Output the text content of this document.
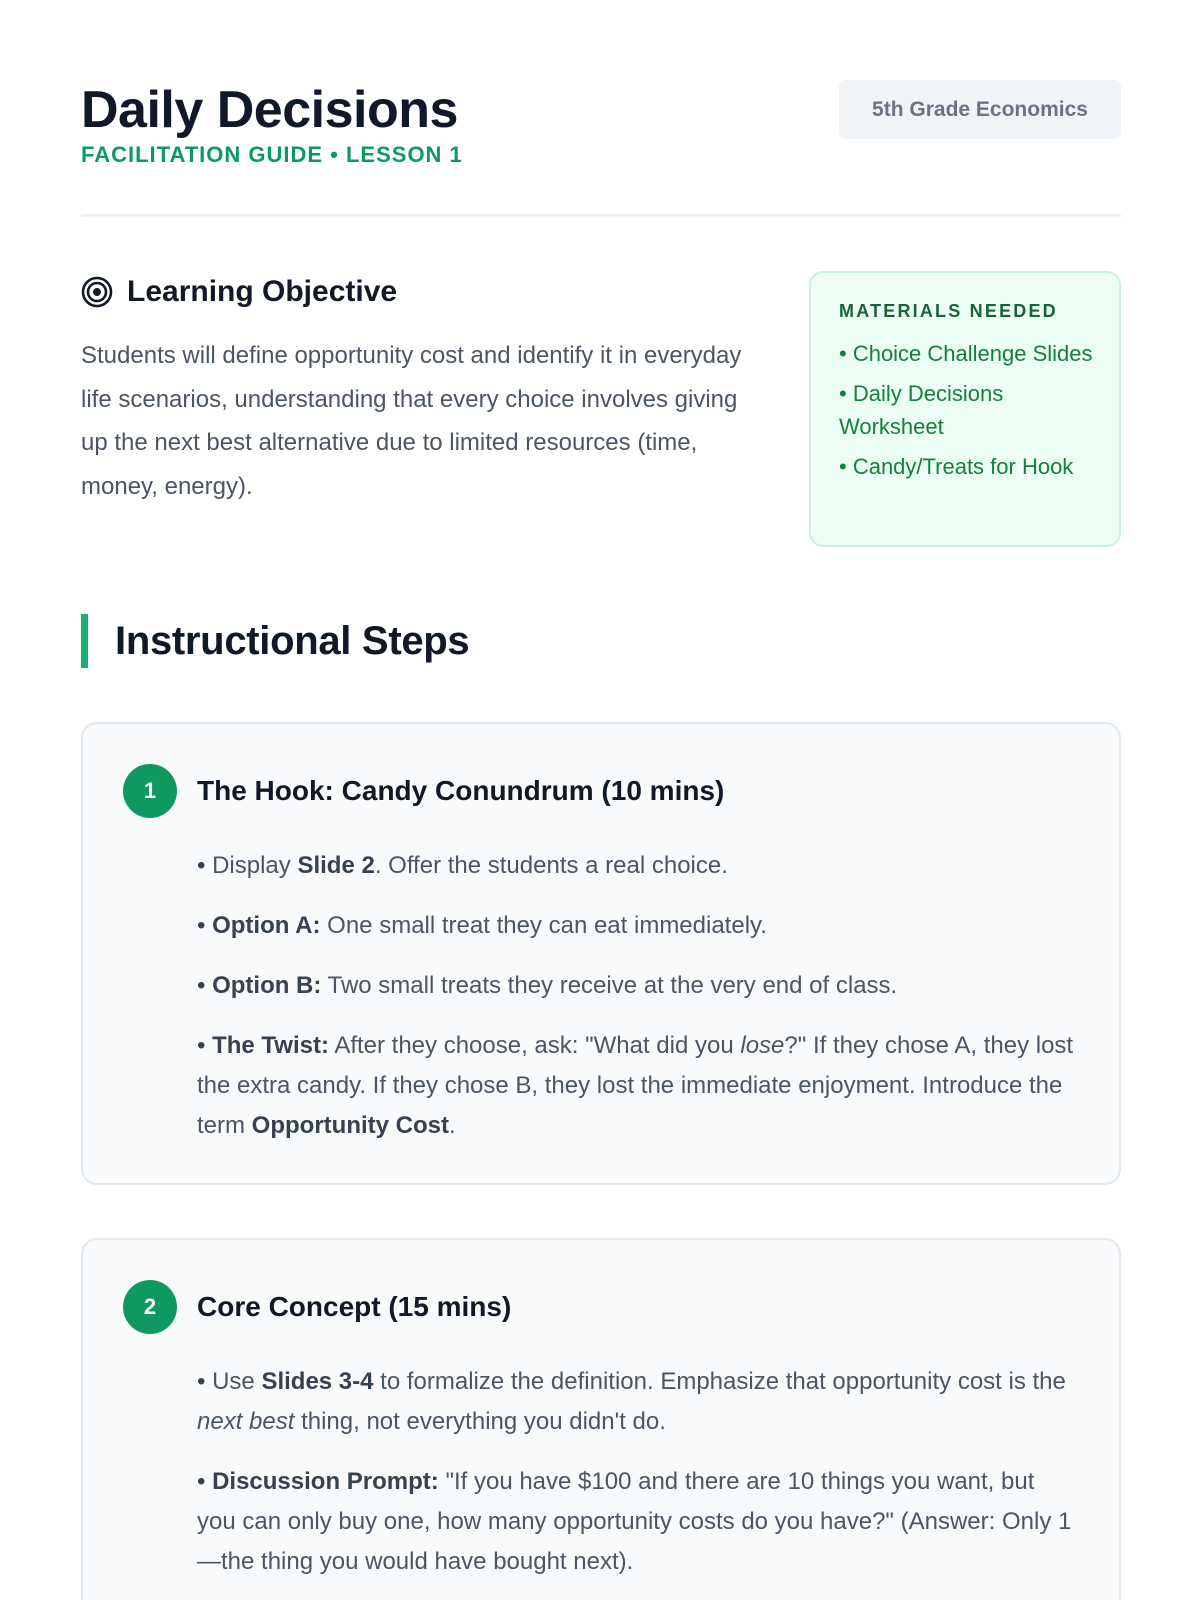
Daily Decisions
FACILITATION GUIDE • LESSON 1
5th Grade Economics
Learning Objective

Students will define opportunity cost and identify it in everyday life scenarios, understanding that every choice involves giving up the next best alternative due to limited resources (time, money, energy).

MATERIALS NEEDED
• Choice Challenge Slides
• Daily Decisions Worksheet
• Candy/Treats for Hook
Instructional Steps
1	The Hook: Candy Conundrum (10 mins)
• Display Slide 2. Offer the students a real choice.
• Option A: One small treat they can eat immediately.
• Option B: Two small treats they receive at the very end of class.
• The Twist: After they choose, ask: "What did you lose?" If they chose A, they lost the extra candy. If they chose B, they lost the immediate enjoyment. Introduce the term Opportunity Cost.
2	Core Concept (15 mins)
• Use Slides 3-4 to formalize the definition. Emphasize that opportunity cost is the next best thing, not everything you didn't do.
• Discussion Prompt: "If you have $100 and there are 10 things you want, but you can only buy one, how many opportunity costs do you have?" (Answer: Only 1—the thing you would have bought next).
